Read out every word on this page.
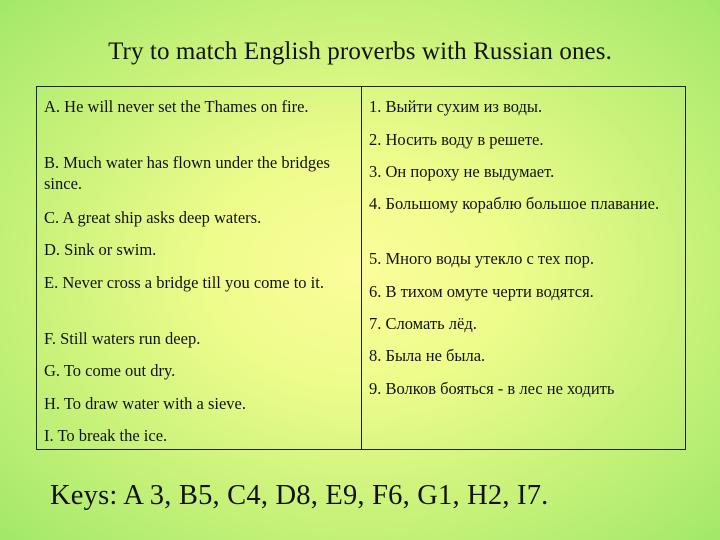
Try to match English proverbs with Russian ones.
A. He will never set the Thames on fire.
B. Much water has flown under the bridges since.
C. A great ship asks deep waters.
D. Sink or swim.
E. Never cross a bridge till you come to it.
F. Still waters run deep.
G. To come out dry.
H. To draw water with a sieve.
I. To break the ice.
1. Выйти сухим из воды.
2. Носить воду в решете.
3. Он пороху не выдумает.
4. Большому кораблю большое плавание.
5. Много воды утекло с тех пор.
6. В тихом омуте черти водятся.
7. Сломать лёд.
8. Была не была.
9. Волков бояться - в лес не ходить
Keys: A 3, B5, C4, D8, E9, F6, G1, H2, I7.
